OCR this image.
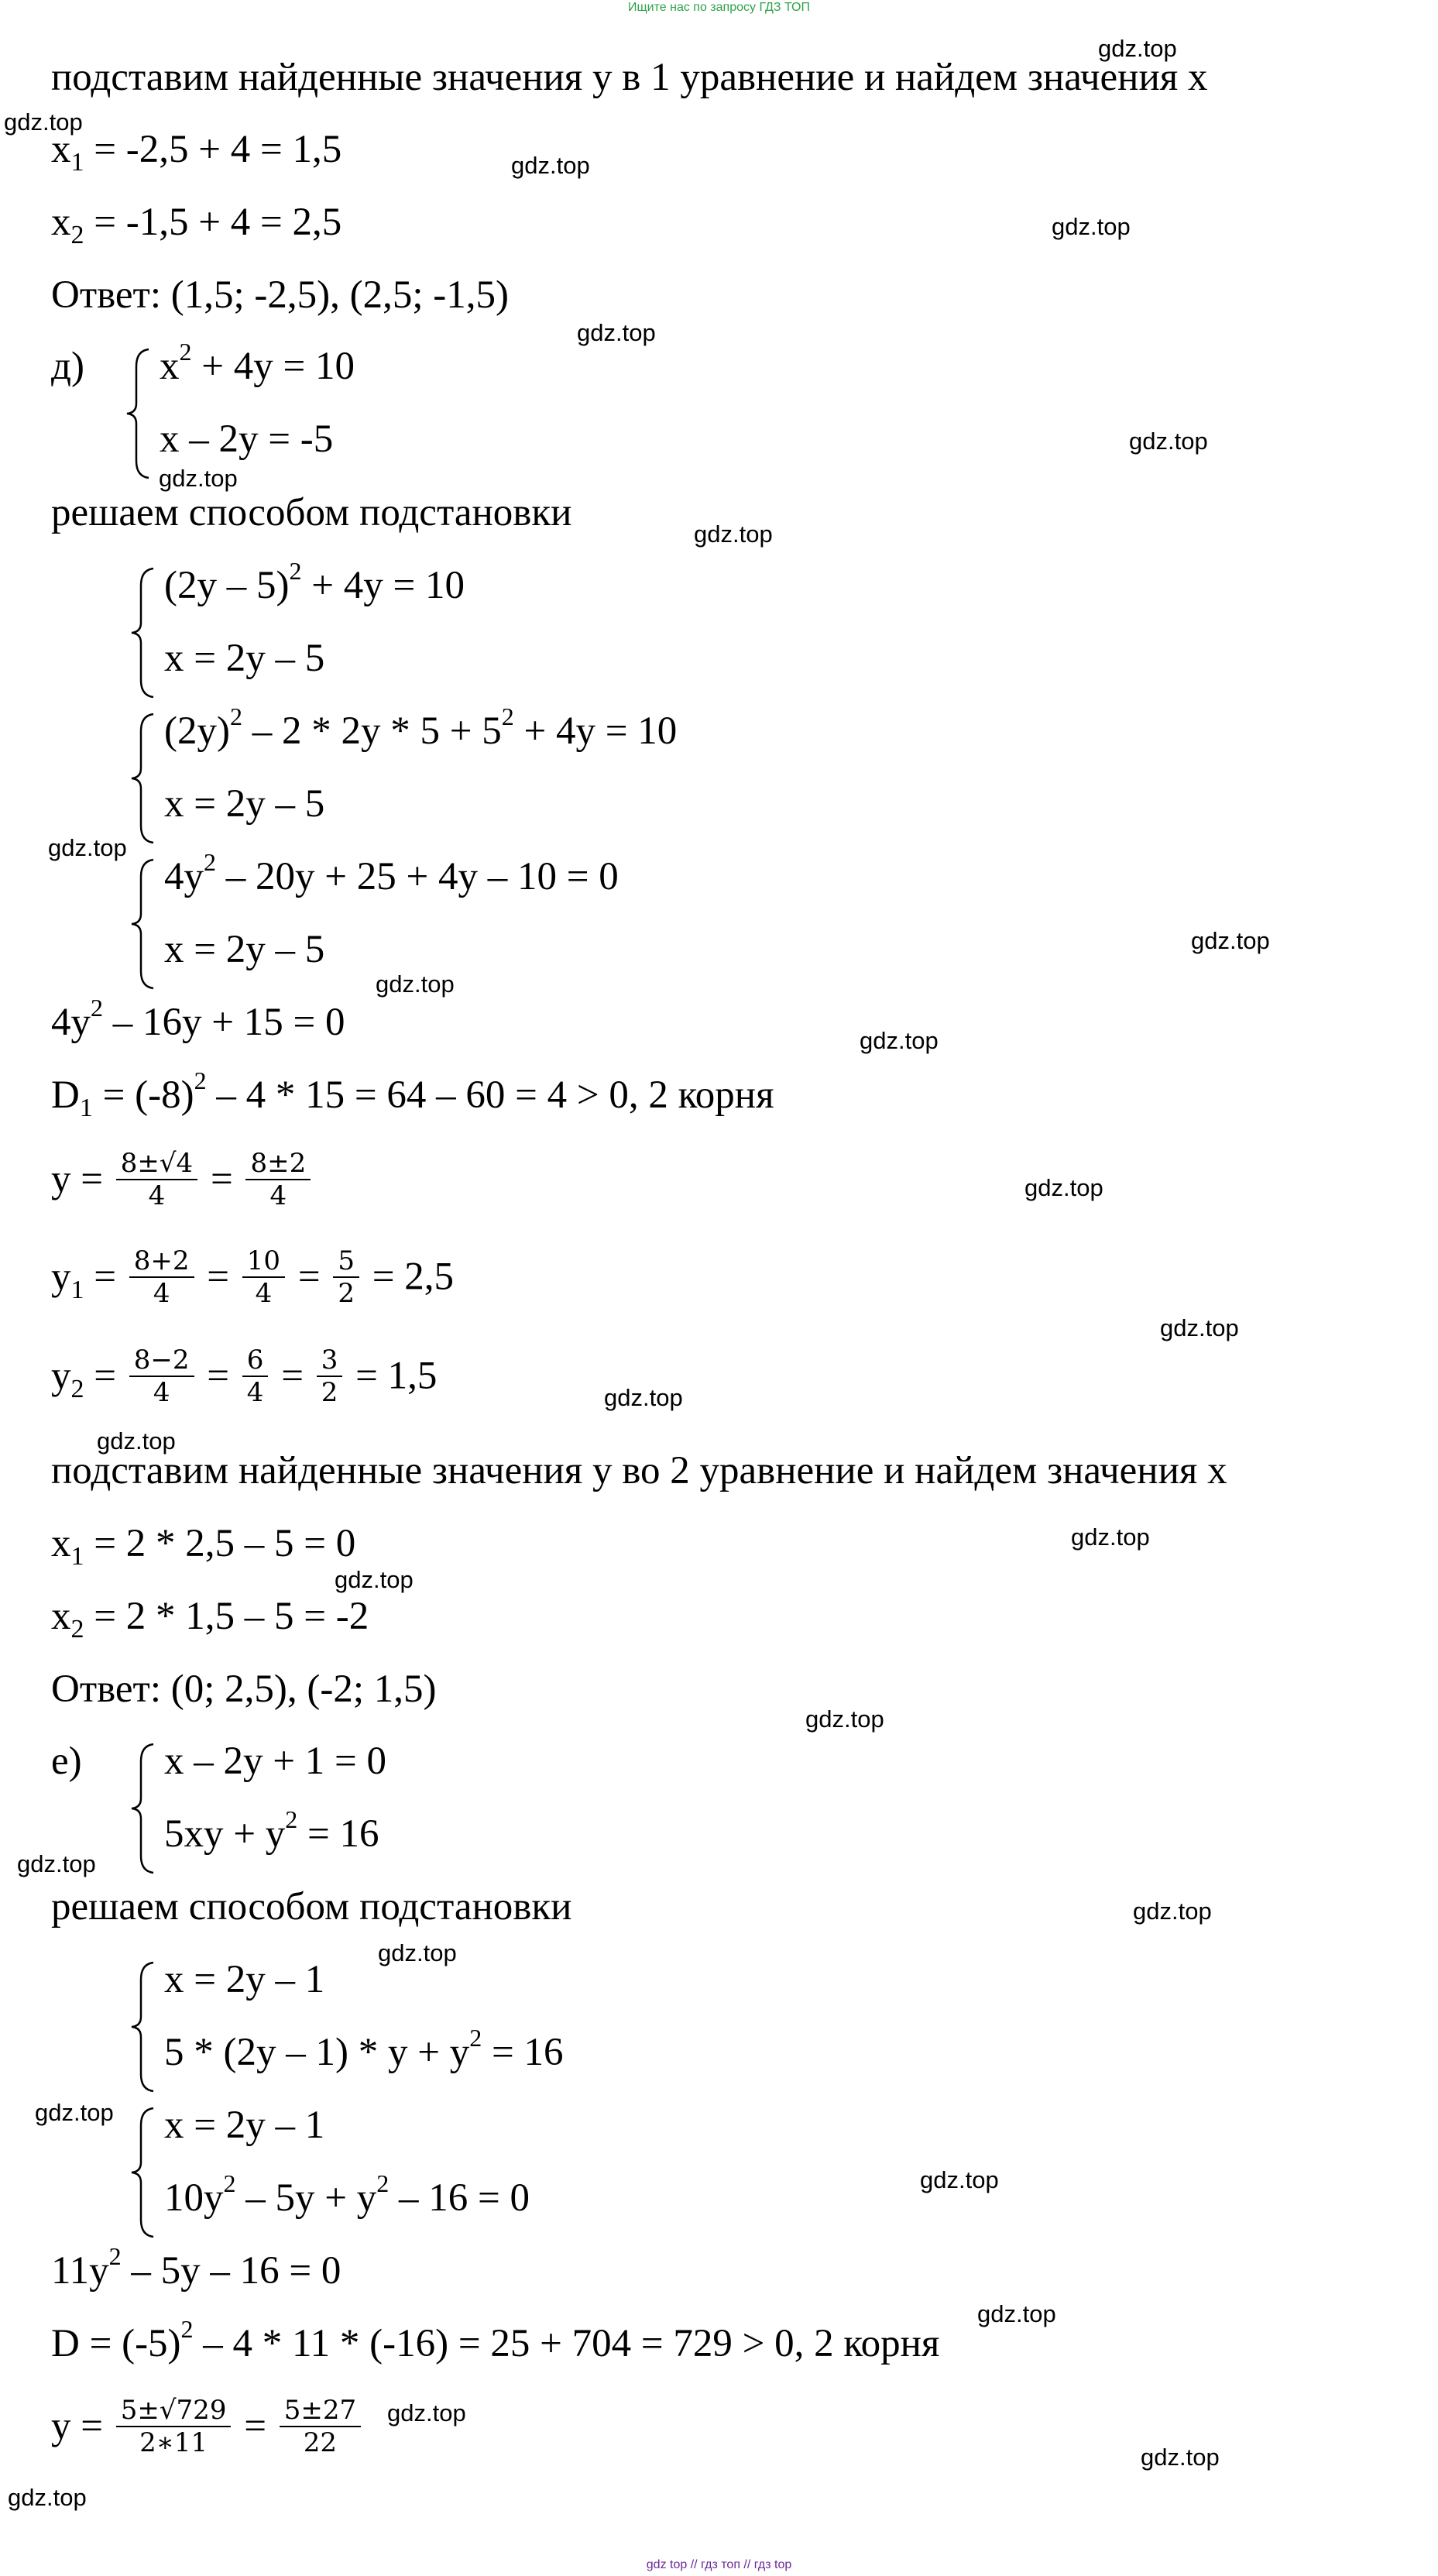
Ищите нас по запросу ГДЗ ТОП
подставим найденные значения у в 1 уравнение и найдем значения х
$x_1 = -2,5 + 4 = 1,5$
$x_2 = -1,5 + 4 = 2,5$
Ответ: (1,5; -2,5), (2,5; -1,5)
д) $x^2 + 4y = 10$
x – 2y = -5
решаем способом подстановки
(2y – 5)$^2$ + 4y = 10
x = 2y – 5
$(2y)^2 - 2 * 2y * 5 + 5^2 + 4y = 10$
x = 2y – 5
$4y^2 - 20y + 25 + 4y - 10 = 0$
x = 2y – 5
$4y^2 - 16y + 15 = 0$
$D_1 = (-8)^2 - 4 * 15 = 64 - 60 = 4 > 0$, 2 корня
$y = \frac{8\pm√4}{4} = \frac{8\pm 2}{4}$
$y_1 = \frac{8+2}{4} = \frac{10}{4} = \frac{5}{2} = 2,5$
$y_2 = \frac{8-2}{4} = \frac{6}{4} = \frac{3}{2} = 1,5$
подставим найденные значения у во 2 уравнение и найдем значения х
$x_1 = 2 * 2,5 - 5 = 0$
$x_2 = 2 * 1,5 - 5 = -2$
Ответ: (0; 2,5), (-2; 1,5)
е) x – 2y + 1 = 0
$5xy + y^2 = 16$
решаем способом подстановки
x = 2y – 1
$5 * (2y - 1) * y + y^2 = 16$
x = 2y – 1
$10y^2 - 5y + y^2 - 16 = 0$
$11y^2 - 5y - 16 = 0$
$D = (-5)^2 - 4 * 11 * (-16) = 25 + 704 = 729 > 0$, 2 корня
$y = \frac{5\pm√729}{2∗11} = \frac{5\pm 27}{22}$
gdz.top
gdz.top
gdz.top
gdz.top
gdz.top
gdz.top
gdz.top
gdz.top
gdz.top
gdz.top
gdz.top
gdz.top
gdz.top
gdz.top
gdz.top
gdz.top
gdz.top
gdz.top
gdz.top
gdz.top
gdz.top
gdz.top
gdz.top
gdz.top
gdz.top
gdz.top
gdz.top
gdz.top
gdz top // гдз топ // гдз top
